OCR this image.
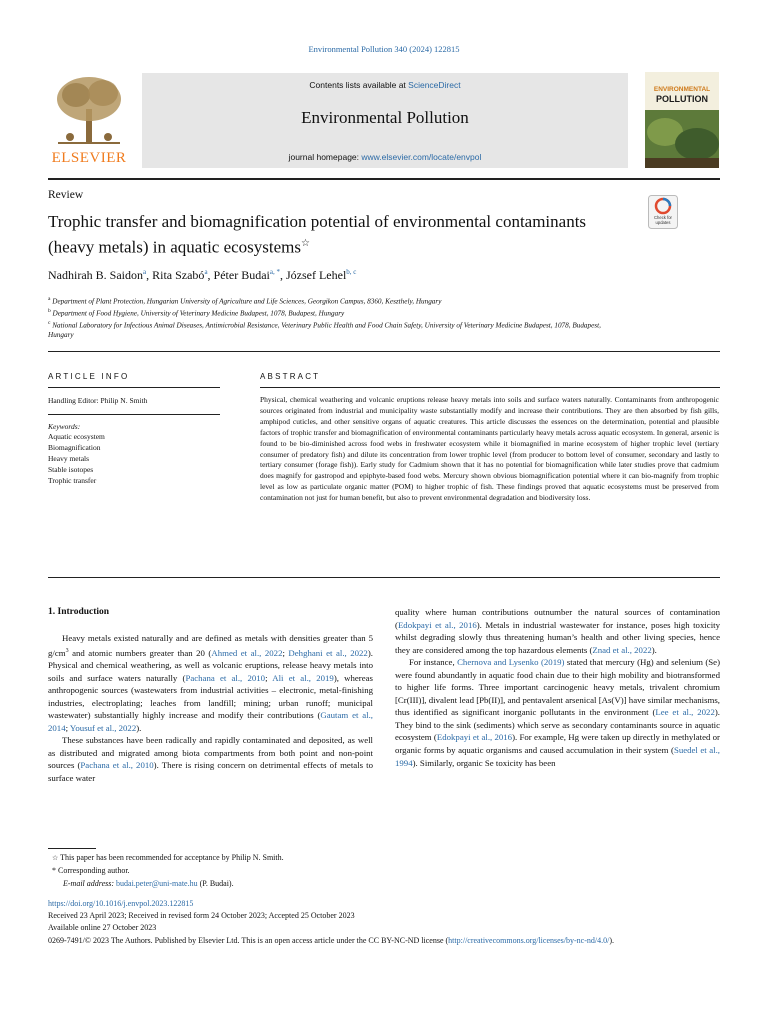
Environmental Pollution 340 (2024) 122815
ELSEVIER
Contents lists available at ScienceDirect
Environmental Pollution
journal homepage: www.elsevier.com/locate/envpol
ENVIRONMENTAL
POLLUTION
Review
Trophic transfer and biomagnification potential of environmental contaminants (heavy metals) in aquatic ecosystems☆
Check for
updates
Nadhirah B. Saidon$^a$, Rita Szabó$^a$, Péter Budai$^{a, *}$, József Lehel$^{b, c}$
$^a$ Department of Plant Protection, Hungarian University of Agriculture and Life Sciences, Georgikon Campus, 8360, Keszthely, Hungary
$^b$ Department of Food Hygiene, University of Veterinary Medicine Budapest, 1078, Budapest, Hungary
$^c$ National Laboratory for Infectious Animal Diseases, Antimicrobial Resistance, Veterinary Public Health and Food Chain Safety, University of Veterinary Medicine Budapest, 1078, Budapest, Hungary
ARTICLE INFO	ABSTRACT
Handling Editor: Philip N. Smith
Keywords:
Aquatic ecosystem
Biomagnification
Heavy metals
Stable isotopes
Trophic transfer
Physical, chemical weathering and volcanic eruptions release heavy metals into soils and surface waters naturally. Contaminants from anthropogenic sources originated from industrial and municipality waste substantially modify and increase their contributions. They are then absorbed by fish gills, amphipod cuticles, and other sensitive organs of aquatic creatures. This article discusses the essences on the determination, potential and plausible factors of trophic transfer and biomagnification of environmental contaminants particularly heavy metals across aquatic ecosystem. In general, arsenic is found to be bio-diminished across food webs in freshwater ecosystem while it biomagnified in marine ecosystem of higher trophic level (tertiary consumer of predatory fish) and dilute its concentration from lower trophic level (from producer to bottom level of consumer, secondary and lastly to tertiary consumer (forage fish)). Early study for Cadmium shown that it has no potential for biomagnification while later studies prove that cadmium does magnify for gastropod and epiphyte-based food webs. Mercury shown obvious biomagnification potential where it can bio-magnify from trophic level as low as particulate organic matter (POM) to higher trophic of fish. These findings proved that aquatic ecosystems must be preserved from contamination not just for human benefit, but also to prevent environmental degradation and biodiversity loss.
1. Introduction

Heavy metals existed naturally and are defined as metals with densities greater than 5 $g/cm^3$ and atomic numbers greater than 20 (Ahmed et al., 2022; Dehghani et al., 2022). Physical and chemical weathering, as well as volcanic eruptions, release heavy metals into soils and surface waters naturally (Pachana et al., 2010; Ali et al., 2019), whereas anthropogenic sources (wastewaters from industrial activities – electronic, metal-finishing industries, electroplating; leaches from landfill; mining; urban runoff; municipal wastewater) substantially highly increase and modify their contributions (Gautam et al., 2014; Yousuf et al., 2022).

These substances have been radically and rapidly contaminated and deposited, as well as distributed and migrated among biota compartments from both point and non-point sources (Pachana et al., 2010). There is rising concern on detrimental effects of metals to surface water

quality where human contributions outnumber the natural sources of contamination (Edokpayi et al., 2016). Metals in industrial wastewater for instance, poses high toxicity whilst degrading slowly thus threatening human’s health and other living species, hence they are considered among the top hazardous elements (Znad et al., 2022).

For instance, Chernova and Lysenko (2019) stated that mercury (Hg) and selenium (Se) were found abundantly in aquatic food chain due to their high mobility and biotransformed to higher life forms. Three important carcinogenic heavy metals, trivalent chromium [Cr(III)], divalent lead [Pb(II)], and pentavalent arsenical [As(V)] have similar mechanisms, thus identified as significant inorganic pollutants in the environment (Lee et al., 2022). They bind to the sink (sediments) which serve as secondary contaminants source in aquatic ecosystem (Edokpayi et al., 2016). For example, Hg were taken up directly in methylated or organic forms by aquatic organisms and caused accumulation in their system (Suedel et al., 1994). Similarly, organic Se toxicity has been

☆ This paper has been recommended for acceptance by Philip N. Smith.
* Corresponding author.
E-mail address: budai.peter@uni-mate.hu (P. Budai).
https://doi.org/10.1016/j.envpol.2023.122815
Received 23 April 2023; Received in revised form 24 October 2023; Accepted 25 October 2023
Available online 27 October 2023
0269-7491/© 2023 The Authors. Published by Elsevier Ltd. This is an open access article under the CC BY-NC-ND license (http://creativecommons.org/licenses/by-nc-nd/4.0/).
